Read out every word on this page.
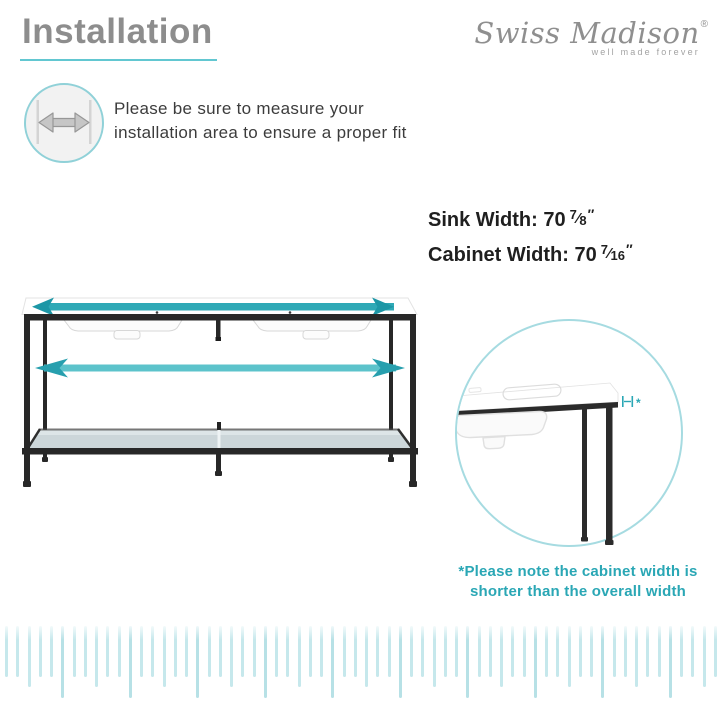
Installation	Swiss Madison®
well made forever

Please be sure to measure your
installation area to ensure a proper fit

Sink Width: 70 $^7$⁄8″
Cabinet Width: 70 $^7$⁄16″
*
*Please note the cabinet width is
shorter than the overall width
